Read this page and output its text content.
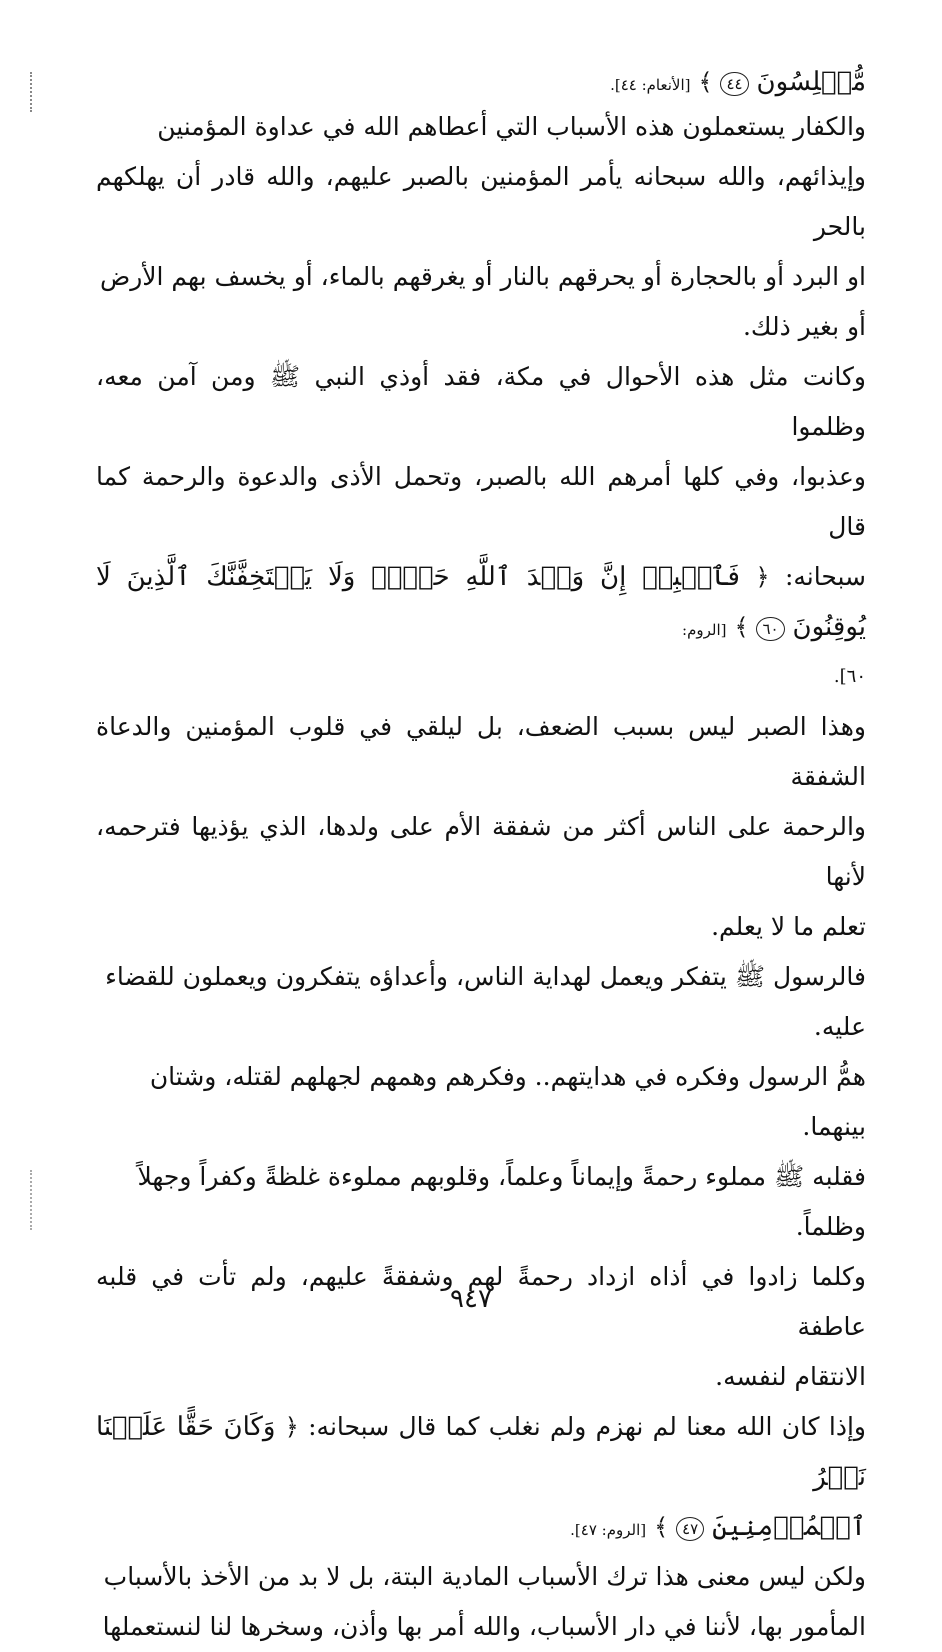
مُّبۡلِسُونَ ٤٤ ﴾ [الأنعام: ٤٤].

والكفار يستعملون هذه الأسباب التي أعطاهم الله في عداوة المؤمنين
وإيذائهم، والله سبحانه يأمر المؤمنين بالصبر عليهم، والله قادر أن يهلكهم بالحر
او البرد أو بالحجارة أو يحرقهم بالنار أو يغرقهم بالماء، أو يخسف بهم الأرض
أو بغير ذلك.

وكانت مثل هذه الأحوال في مكة، فقد أوذي النبي ﷺ ومن آمن معه، وظلموا
وعذبوا، وفي كلها أمرهم الله بالصبر، وتحمل الأذى والدعوة والرحمة كما قال
سبحانه: ﴿ فَٱصۡبِرۡ إِنَّ وَعۡدَ ٱللَّهِ حَقّٞۖ وَلَا يَسۡتَخِفَّنَّكَ ٱلَّذِينَ لَا يُوقِنُونَ ٦٠ ﴾ [الروم:
٦٠].

وهذا الصبر ليس بسبب الضعف، بل ليلقي في قلوب المؤمنين والدعاة الشفقة
والرحمة على الناس أكثر من شفقة الأم على ولدها، الذي يؤذيها فترحمه، لأنها
تعلم ما لا يعلم.

فالرسول ﷺ يتفكر ويعمل لهداية الناس، وأعداؤه يتفكرون ويعملون للقضاء
عليه.

همُّ الرسول وفكره في هدايتهم.. وفكرهم وهمهم لجهلهم لقتله، وشتان
بينهما.

فقلبه ﷺ مملوء رحمةً وإيماناً وعلماً، وقلوبهم مملوءة غلظةً وكفراً وجهلاً
وظلماً.

وكلما زادوا في أذاه ازداد رحمةً لهم وشفقةً عليهم، ولم تأت في قلبه عاطفة
الانتقام لنفسه.

وإذا كان الله معنا لم نهزم ولم نغلب كما قال سبحانه: ﴿ وَكَانَ حَقًّا عَلَيۡنَا نَصۡرُ
ٱلۡمُؤۡمِنِينَ ٤٧ ﴾ [الروم: ٤٧].

ولكن ليس معنى هذا ترك الأسباب المادية البتة، بل لا بد من الأخذ بالأسباب
المأمور بها، لأننا في دار الأسباب، والله أمر بها وأذن، وسخرها لنا لنستعملها

٩٤٧
